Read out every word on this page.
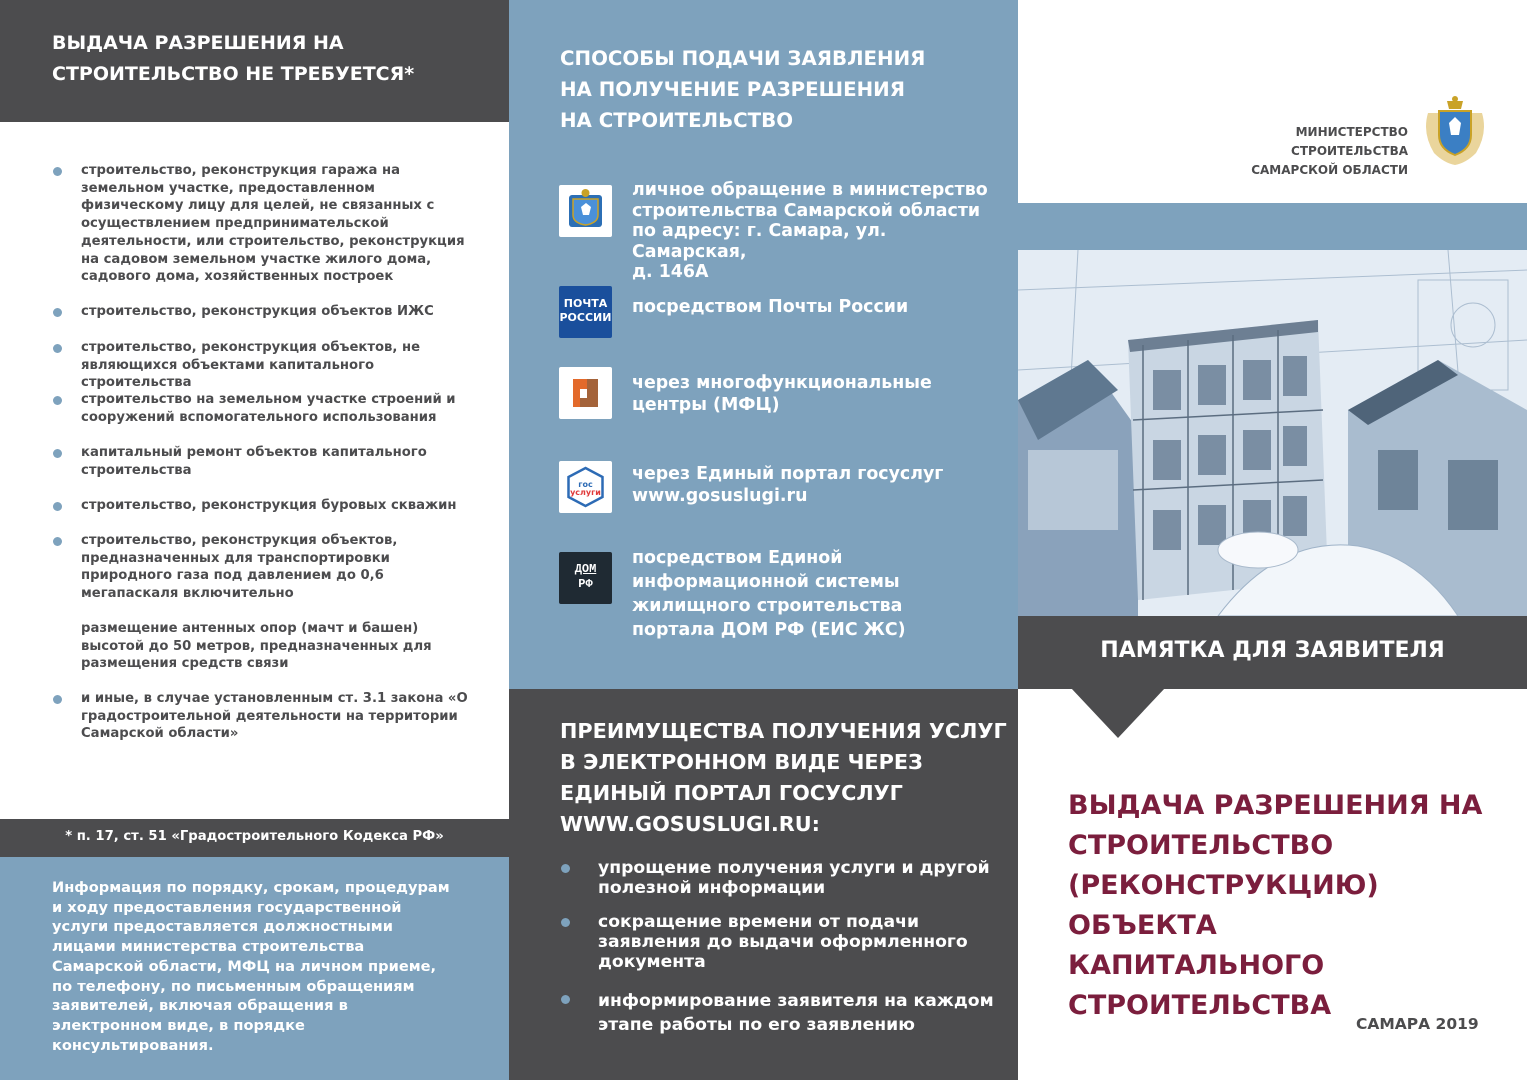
ВЫДАЧА РАЗРЕШЕНИЯ НА
СТРОИТЕЛЬСТВО НЕ ТРЕБУЕТСЯ*
строительство, реконструкция гаража на земельном участке, предоставленном физическому лицу для целей, не связанных с осуществлением предпринимательской деятельности, или строительство, реконструкция на садовом земельном участке жилого дома, садового дома, хозяйственных построек
строительство, реконструкция объектов ИЖС
строительство, реконструкция объектов, не являющихся объектами капитального строительства
строительство на земельном участке строений и сооружений вспомогательного использования
капитальный ремонт объектов капитального строительства
строительство, реконструкция буровых скважин
строительство, реконструкция объектов, предназначенных для транспортировки природного газа под давлением до 0,6 мегапаскаля включительно
размещение антенных опор (мачт и башен) высотой до 50 метров, предназначенных для размещения средств связи
и иные, в случае установленным ст. 3.1 закона «О градостроительной деятельности на территории Самарской области»
* п. 17, ст. 51 «Градостроительного Кодекса РФ»
Информация по порядку, срокам, процедурам и ходу предоставления государственной услуги предоставляется должностными лицами министерства строительства Самарской области, МФЦ на личном приеме, по телефону, по письменным обращениям заявителей, включая обращения в электронном виде, в порядке консультирования.
СПОСОБЫ ПОДАЧИ ЗАЯВЛЕНИЯ
НА ПОЛУЧЕНИЕ РАЗРЕШЕНИЯ
НА СТРОИТЕЛЬСТВО
личное обращение в министерство
строительства Самарской области
по адресу: г. Самара, ул. Самарская,
д. 146А
ПОЧТА
РОССИИ
посредством Почты России
через многофункциональные
центры (МФЦ)
гос
услуги
через Единый портал госуслуг
www.gosuslugi.ru
ДОМ
РФ
посредством Единой
информационной системы
жилищного строительства
портала ДОМ РФ (ЕИС ЖС)
ПРЕИМУЩЕСТВА ПОЛУЧЕНИЯ УСЛУГ
В ЭЛЕКТРОННОМ ВИДЕ ЧЕРЕЗ
ЕДИНЫЙ ПОРТАЛ ГОСУСЛУГ
WWW.GOSUSLUGI.RU:
упрощение получения услуги и другой
полезной информации
сокращение времени от подачи
заявления до выдачи оформленного
документа
информирование заявителя на каждом
этапе работы по его заявлению
МИНИСТЕРСТВО СТРОИТЕЛЬСТВА
САМАРСКОЙ ОБЛАСТИ
ПАМЯТКА ДЛЯ ЗАЯВИТЕЛЯ
ВЫДАЧА РАЗРЕШЕНИЯ НА
СТРОИТЕЛЬСТВО
(РЕКОНСТРУКЦИЮ) ОБЪЕКТА
КАПИТАЛЬНОГО
СТРОИТЕЛЬСТВА
САМАРА 2019
